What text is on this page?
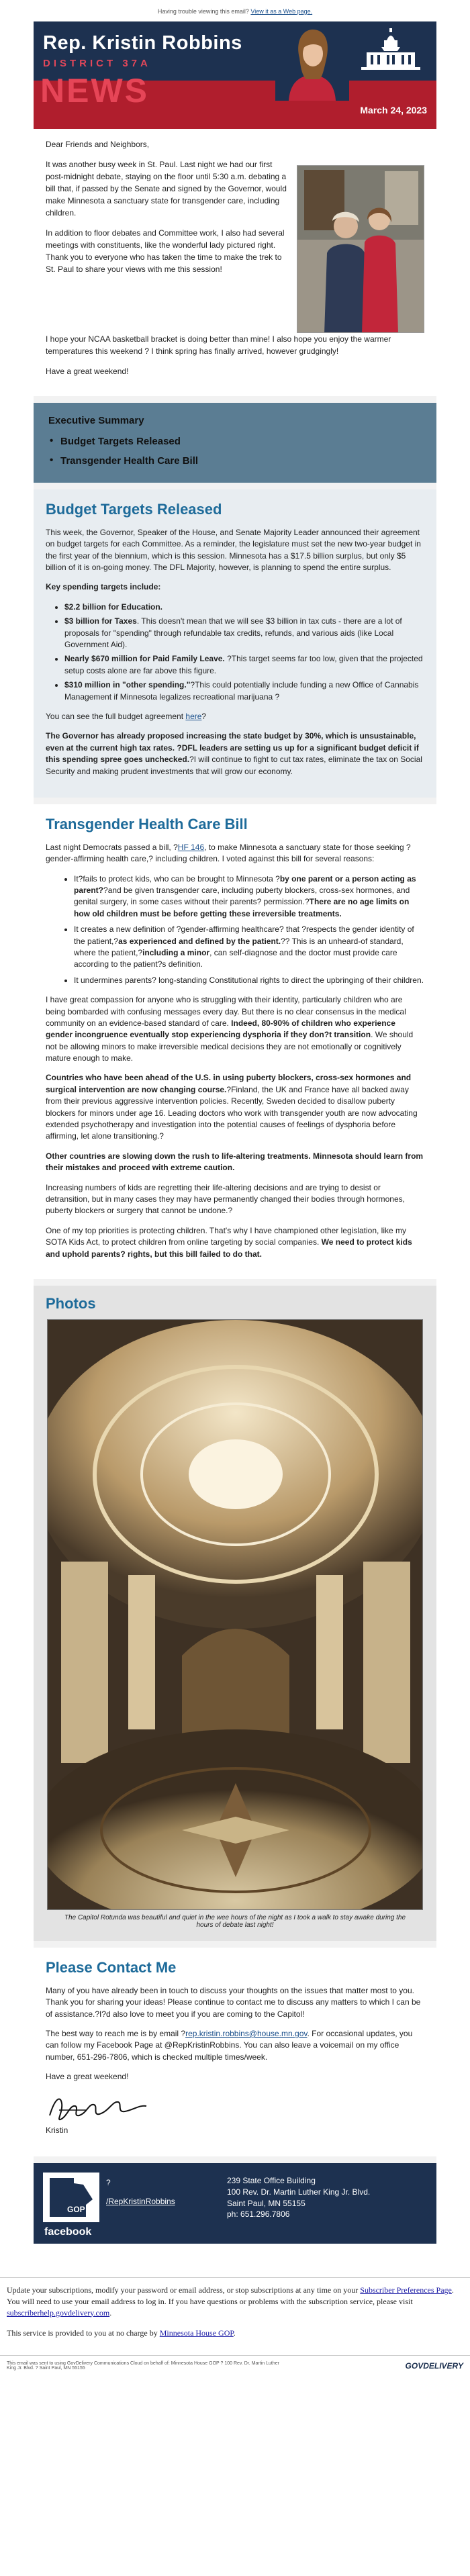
Having trouble viewing this email? View it as a Web page.
Rep. Kristin Robbins
DISTRICT 37A
NEWS
March 24, 2023

Dear Friends and Neighbors,

It was another busy week in St. Paul. Last night we had our first post-midnight debate, staying on the floor until 5:30 a.m. debating a bill that, if passed by the Senate and signed by the Governor, would make Minnesota a sanctuary state for transgender care, including children.

In addition to floor debates and Committee work, I also had several meetings with constituents, like the wonderful lady pictured right. Thank you to everyone who has taken the time to make the trek to St. Paul to share your views with me this session!

I hope your NCAA basketball bracket is doing better than mine! I also hope you enjoy the warmer temperatures this weekend ? I think spring has finally arrived, however grudgingly!

Have a great weekend!

Executive Summary
• Budget Targets Released
• Transgender Health Care Bill
Budget Targets Released

This week, the Governor, Speaker of the House, and Senate Majority Leader announced their agreement on budget targets for each Committee. As a reminder, the legislature must set the new two-year budget in the first year of the biennium, which is this session. Minnesota has a $17.5 billion surplus, but only $5 billion of it is on-going money. The DFL Majority, however, is planning to spend the entire surplus.

Key spending targets include:

• $2.2 billion for Education.
• $3 billion for Taxes. This doesn't mean that we will see $3 billion in tax cuts - there are a lot of proposals for "spending" through refundable tax credits, refunds, and various aids (like Local Government Aid).
• Nearly $670 million for Paid Family Leave. ?This target seems far too low, given that the projected setup costs alone are far above this figure.
• $310 million in "other spending."?This could potentially include funding a new Office of Cannabis Management if Minnesota legalizes recreational marijuana ?

You can see the full budget agreement here?

The Governor has already proposed increasing the state budget by 30%, which is unsustainable, even at the current high tax rates. ?DFL leaders are setting us up for a significant budget deficit if this spending spree goes unchecked.?I will continue to fight to cut tax rates, eliminate the tax on Social Security and making prudent investments that will grow our economy.

Transgender Health Care Bill

Last night Democrats passed a bill, ?HF 146, to make Minnesota a sanctuary state for those seeking ?gender-affirming health care,? including children. I voted against this bill for several reasons:

• It?fails to protect kids, who can be brought to Minnesota ?by one parent or a person acting as parent??and be given transgender care, including puberty blockers, cross-sex hormones, and genital surgery, in some cases without their parents? permission.?There are no age limits on how old children must be before getting these irreversible treatments.
• It creates a new definition of ?gender-affirming healthcare? that ?respects the gender identity of the patient,?as experienced and defined by the patient.?? This is an unheard-of standard, where the patient,?including a minor, can self-diagnose and the doctor must provide care according to the patient?s definition.
• It undermines parents? long-standing Constitutional rights to direct the upbringing of their children.

I have great compassion for anyone who is struggling with their identity, particularly children who are being bombarded with confusing messages every day. But there is no clear consensus in the medical community on an evidence-based standard of care. Indeed, 80-90% of children who experience gender incongruence eventually stop experiencing dysphoria if they don?t transition. We should not be allowing minors to make irreversible medical decisions they are not emotionally or cognitively mature enough to make.

Countries who have been ahead of the U.S. in using puberty blockers, cross-sex hormones and surgical intervention are now changing course.?Finland, the UK and France have all backed away from their previous aggressive intervention policies. Recently, Sweden decided to disallow puberty blockers for minors under age 16. Leading doctors who work with transgender youth are now advocating extended psychotherapy and investigation into the potential causes of feelings of dysphoria before affirming, let alone transitioning.?

Other countries are slowing down the rush to life-altering treatments. Minnesota should learn from their mistakes and proceed with extreme caution.

Increasing numbers of kids are regretting their life-altering decisions and are trying to desist or detransition, but in many cases they may have permanently changed their bodies through hormones, puberty blockers or surgery that cannot be undone.?

One of my top priorities is protecting children. That's why I have championed other legislation, like my SOTA Kids Act, to protect children from online targeting by social companies. We need to protect kids and uphold parents? rights, but this bill failed to do that.

Photos
The Capitol Rotunda was beautiful and quiet in the wee hours of the night as I took a walk to stay awake during the hours of debate last night!
Please Contact Me

Many of you have already been in touch to discuss your thoughts on the issues that matter most to you. Thank you for sharing your ideas! Please continue to contact me to discuss any matters to which I can be of assistance.?I?d also love to meet you if you are coming to the Capitol!

The best way to reach me is by email ?rep.kristin.robbins@house.mn.gov. For occasional updates, you can follow my Facebook Page at @RepKristinRobbins. You can also leave a voicemail on my office number, 651-296-7806, which is checked multiple times/week.

Have a great weekend!

Kristin

GOP
facebook
?
/RepKristinRobbins
239 State Office Building
100 Rev. Dr. Martin Luther King Jr. Blvd.
Saint Paul, MN 55155
ph: 651.296.7806

Update your subscriptions, modify your password or email address, or stop subscriptions at any time on your Subscriber Preferences Page. You will need to use your email address to log in. If you have questions or problems with the subscription service, please visit subscriberhelp.govdelivery.com.

This service is provided to you at no charge by Minnesota House GOP.

This email was sent to using GovDelivery Communications Cloud on behalf of: Minnesota House GOP ? 100 Rev. Dr. Martin Luther King Jr. Blvd. ? Saint Paul, MN 55155	GOVDELIVERY
